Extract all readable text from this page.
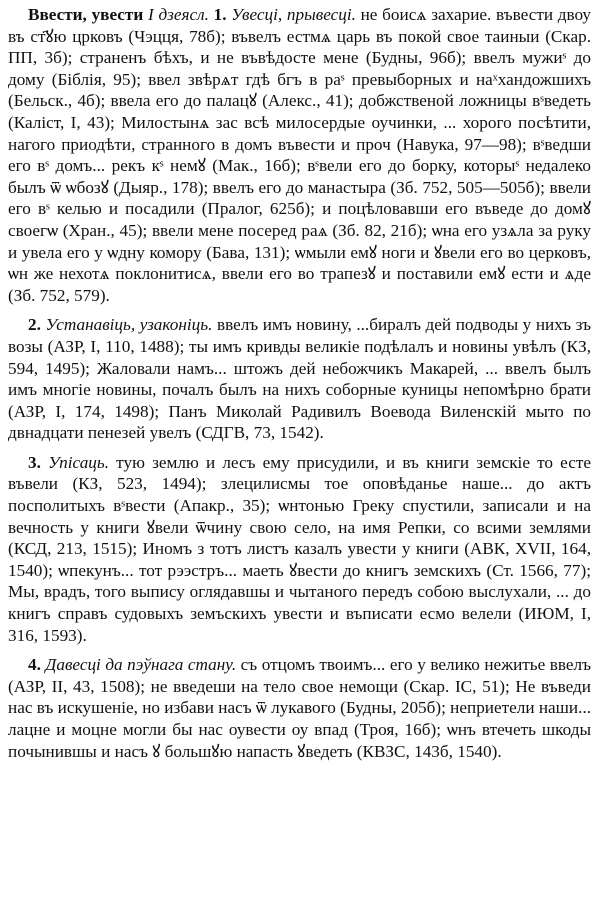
Ввести, увести I дзеясл. 1. Увесці, прывесці. не боисѧ захарие. въвести двоу въ ст҃ꙋю црковъ (Чэцця, 78б); въвелъ естмѧ царь въ покой свое таиныи (Скар. ПП, 3б); страненъ бѣхъ, и не въвѣдосте мене (Будны, 96б); ввелъ мужиˢ до дому (Бiблiя, 95); ввел звѣрѧт гдѣ бгъ в раˢ превыборных и наˣхандожшихъ (Бельск., 4б); ввела его до палацꙋ (Алекс., 41); добжственой ложницы вˢведеть (Калiст, I, 43); Милостынѧ зас всѣ милосердые оучинки, ... хорого посѣтити, нагого приодѣти, странного в домъ въвести и проч (Навука, 97—98); вˢведши его вˢ домъ... рекъ кˢ немꙋ (Мак., 16б); вˢвели его до борку, которыˢ недалеко былъ ѿ ѡбозꙋ (Дыяр., 178); ввелъ его до манастыра (Зб. 752, 505—505б); ввели его вˢ келью и посадили (Пралог, 625б); и поцѣловавши его въведе до домꙋ своегѡ (Хран., 45); ввели мене посеред раѧ (Зб. 82, 21б); ѡна его узѧла за руку и увела его у ѡдну комору (Бава, 131); ѡмыли емꙋ ноги и ꙋвели его во церковъ, ѡн же нехотѧ поклонитисѧ, ввели его во трапезꙋ и поставили емꙋ ести и ѧде (Зб. 752, 579).

2. Устанавіць, узаконіць. ввелъ имъ новину, ...биралъ дей подводы у нихъ зъ возы (АЗР, I, 110, 1488); ты имъ кривды великiе подѣлалъ и новины увѣлъ (КЗ, 594, 1495); Жаловали намъ... штожъ дей небожчикъ Макарей, ... ввелъ былъ имъ многiе новины, почалъ былъ на нихъ соборные куницы непомѣрно брати (АЗР, I, 174, 1498); Панъ Миколай Радивилъ Воевода Виленскiй мыто по двнадцати пенезей увелъ (СДГВ, 73, 1542).

3. Упісаць. тую землю и лесъ ему присудили, и въ книги земскiе то есте въвели (КЗ, 523, 1494); злецилисмы тое оповѣданье наше... до актъ посполитыхъ вˢвести (Апакр., 35); ѡнтонью Греку спустили, записали и на вечность у книги ꙋвели ѿчину свою село, на имя Репки, со всими землями (КСД, 213, 1515); Иномъ з тотъ листъ казалъ увести у книги (АВК, XVII, 164, 1540); ѡпекунъ... тот рээстръ... маеть ꙋвести до книгъ земскихъ (Ст. 1566, 77); Мы, врадъ, того выпису оглядавшы и чытаного передъ собою выслухали, ... до книгъ справъ судовыхъ земъскихъ увести и въписати есмо велели (ИЮМ, I, 316, 1593).

4. Давесці да пэўнага стану. съ отцомъ твоимъ... его у велико нежитье ввелъ (АЗР, II, 43, 1508); не введеши на тело свое немощи (Скар. IC, 51); Не въведи нас въ искушенiе, но избави насъ ѿ лукавого (Будны, 205б); неприетели наши... лацне и моцне могли бы нас оувести оу впад (Троя, 16б); ѡнъ втечеть шкоды почынившы и насъ ꙋ большꙋю напасть ꙋведеть (КВЗС, 143б, 1540).
